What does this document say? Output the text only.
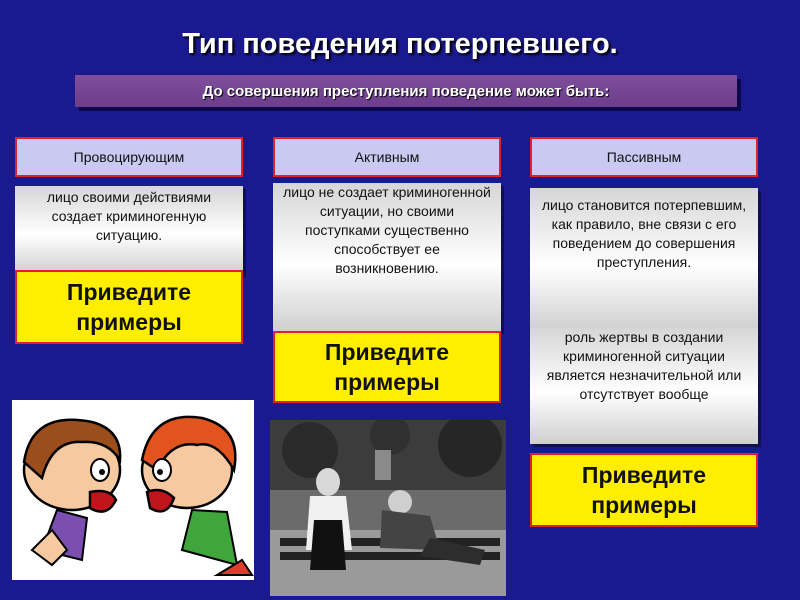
Тип поведения потерпевшего.
До совершения преступления поведение может быть:
Провоцирующим
лицо своими действиями создает криминогенную ситуацию.
Приведите
примеры
Активным
лицо не создает криминогенной ситуации, но своими поступками существенно способствует ее возникновению.
Приведите
примеры
Пассивным
лицо становится потерпевшим, как правило, вне связи с его поведением до совершения преступления.
роль жертвы в создании криминогенной ситуации является незначительной или отсутствует вообще
Приведите
примеры
